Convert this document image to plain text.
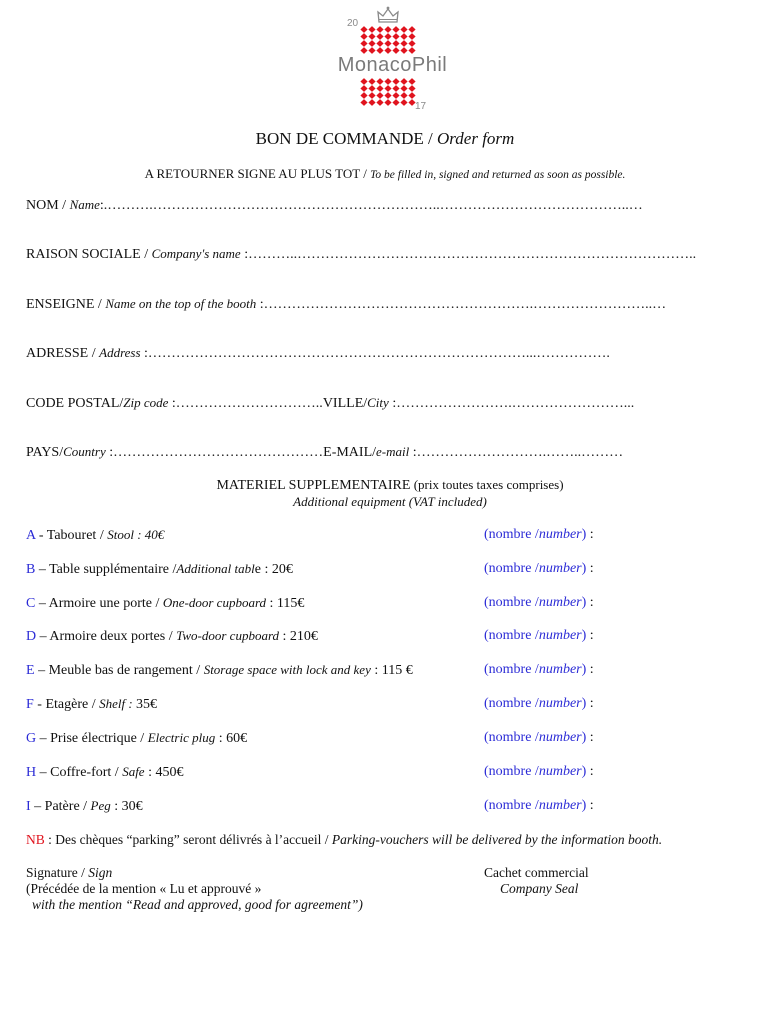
20
MonacoPhil
17
BON DE COMMANDE / Order form
A RETOURNER SIGNE AU PLUS TOT / To be filled in, signed and returned as soon as possible.
NOM / Name:.……….……………………………………………………..…………………………………..…
RAISON SOCIALE / Company's name :………..…………………………………………………………………………..
ENSEIGNE / Name on the top of the booth :………………………………………………….……………………..…
ADRESSE / Address :………………………………………………………………………...…………….
CODE POSTAL/Zip code :…………………………..VILLE/City :…………………….……………………...
PAYS/Country :………………………………………E-MAIL/e-mail :……………………….……..………
MATERIEL SUPPLEMENTAIRE (prix toutes taxes comprises)
Additional equipment (VAT included)
A - Tabouret / Stool : 40€
B – Table supplémentaire /Additional table : 20€
C – Armoire une porte / One-door cupboard : 115€
D – Armoire deux portes / Two-door cupboard : 210€
E – Meuble bas de rangement / Storage space with lock and key : 115 €
F - Etagère / Shelf : 35€
G – Prise électrique / Electric plug : 60€
H – Coffre-fort / Safe : 450€
I – Patère / Peg : 30€
(nombre /number) :
(nombre /number) :
(nombre /number) :
(nombre /number) :
(nombre /number) :
(nombre /number) :
(nombre /number) :
(nombre /number) :
(nombre /number) :
NB : Des chèques “parking” seront délivrés à l’accueil / Parking-vouchers will be delivered by the information booth.
Signature / Sign
(Précédée de la mention « Lu et approuvé »
with the mention “Read and approved, good for agreement”)
Cachet commercial
Company Seal
